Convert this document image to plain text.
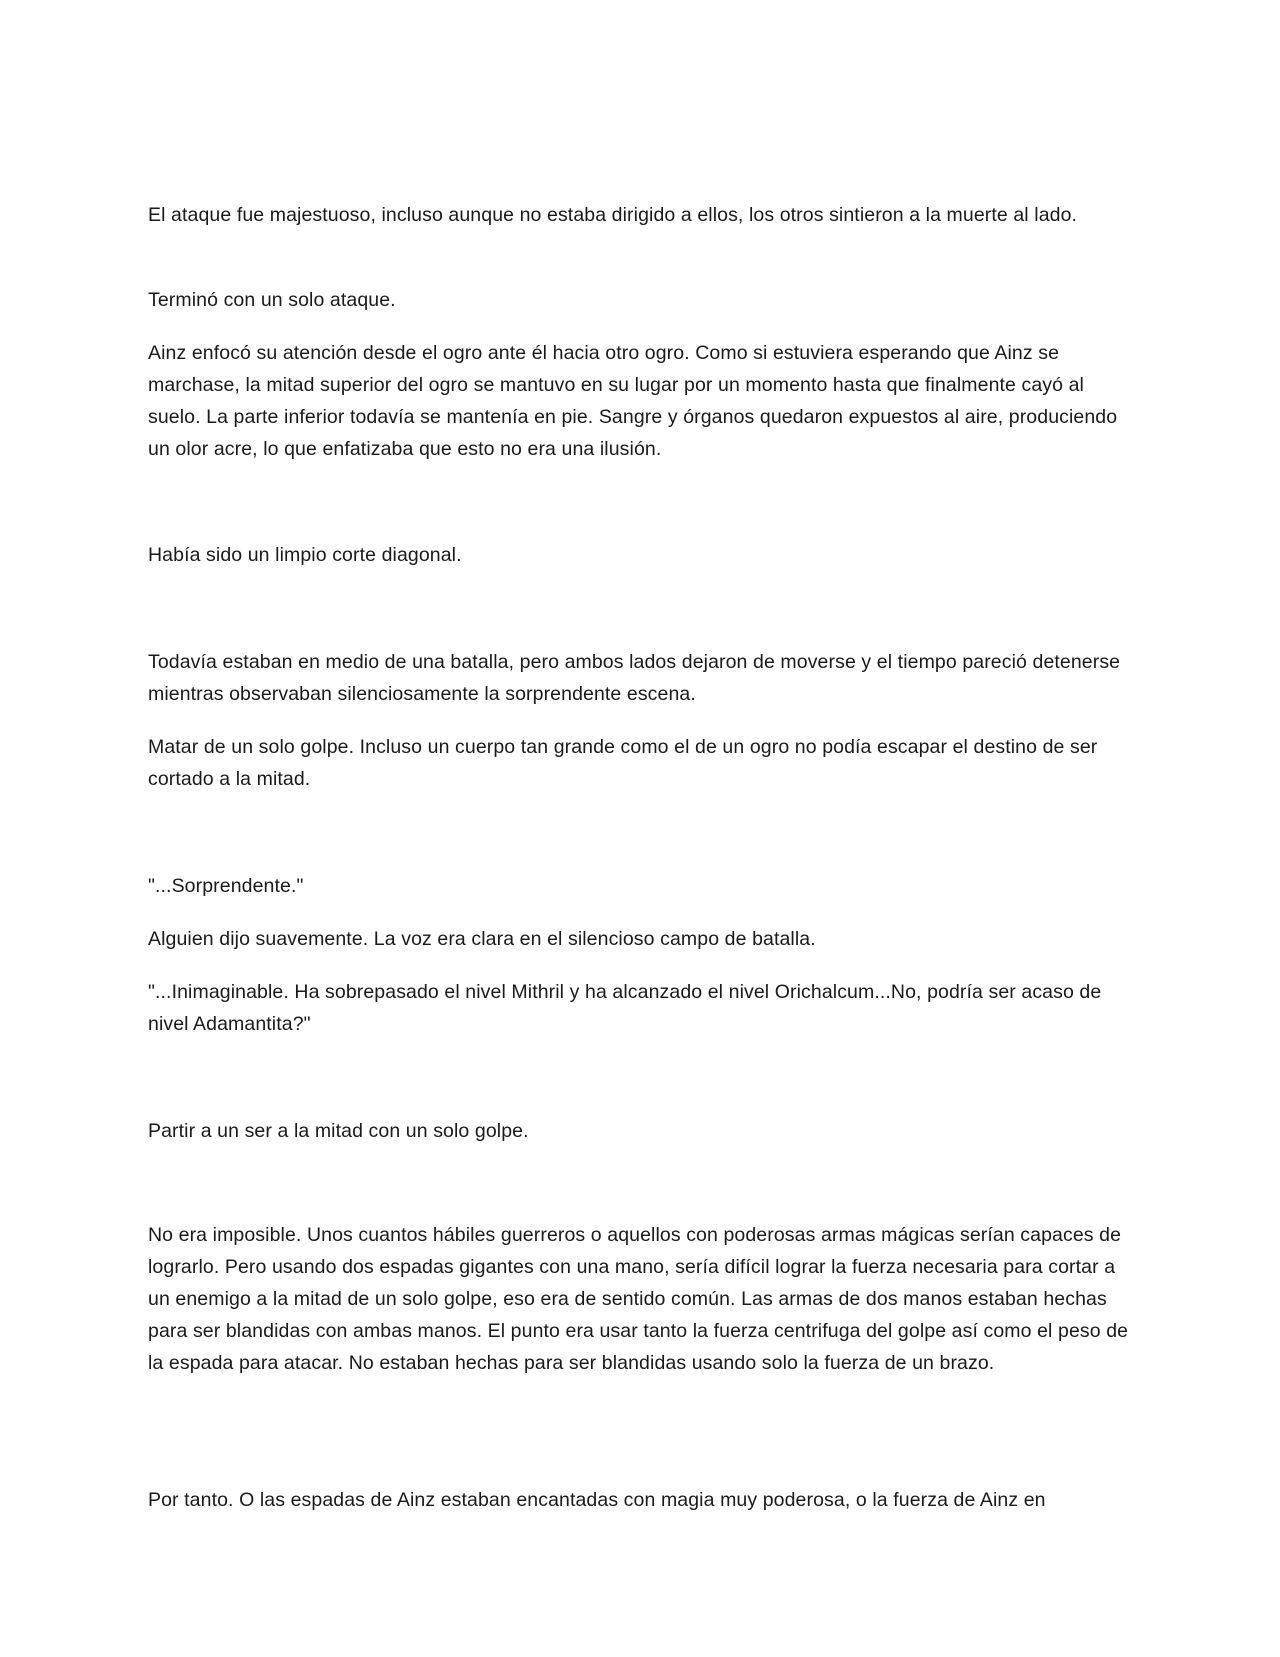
El ataque fue majestuoso, incluso aunque no estaba dirigido a ellos, los otros sintieron a la muerte al lado.

Terminó con un solo ataque.

Ainz enfocó su atención desde el ogro ante él hacia otro ogro. Como si estuviera esperando que Ainz se marchase, la mitad superior del ogro se mantuvo en su lugar por un momento hasta que finalmente cayó al suelo. La parte inferior todavía se mantenía en pie. Sangre y órganos quedaron expuestos al aire, produciendo un olor acre, lo que enfatizaba que esto no era una ilusión.

Había sido un limpio corte diagonal.

Todavía estaban en medio de una batalla, pero ambos lados dejaron de moverse y el tiempo pareció detenerse mientras observaban silenciosamente la sorprendente escena.

Matar de un solo golpe. Incluso un cuerpo tan grande como el de un ogro no podía escapar el destino de ser cortado a la mitad.

"...Sorprendente."

Alguien dijo suavemente. La voz era clara en el silencioso campo de batalla.

"...Inimaginable. Ha sobrepasado el nivel Mithril y ha alcanzado el nivel Orichalcum...No, podría ser acaso de nivel Adamantita?"

Partir a un ser a la mitad con un solo golpe.

No era imposible. Unos cuantos hábiles guerreros o aquellos con poderosas armas mágicas serían capaces de lograrlo. Pero usando dos espadas gigantes con una mano, sería difícil lograr la fuerza necesaria para cortar a un enemigo a la mitad de un solo golpe, eso era de sentido común. Las armas de dos manos estaban hechas para ser blandidas con ambas manos. El punto era usar tanto la fuerza centrifuga del golpe así como el peso de la espada para atacar. No estaban hechas para ser blandidas usando solo la fuerza de un brazo.

Por tanto. O las espadas de Ainz estaban encantadas con magia muy poderosa, o la fuerza de Ainz en
